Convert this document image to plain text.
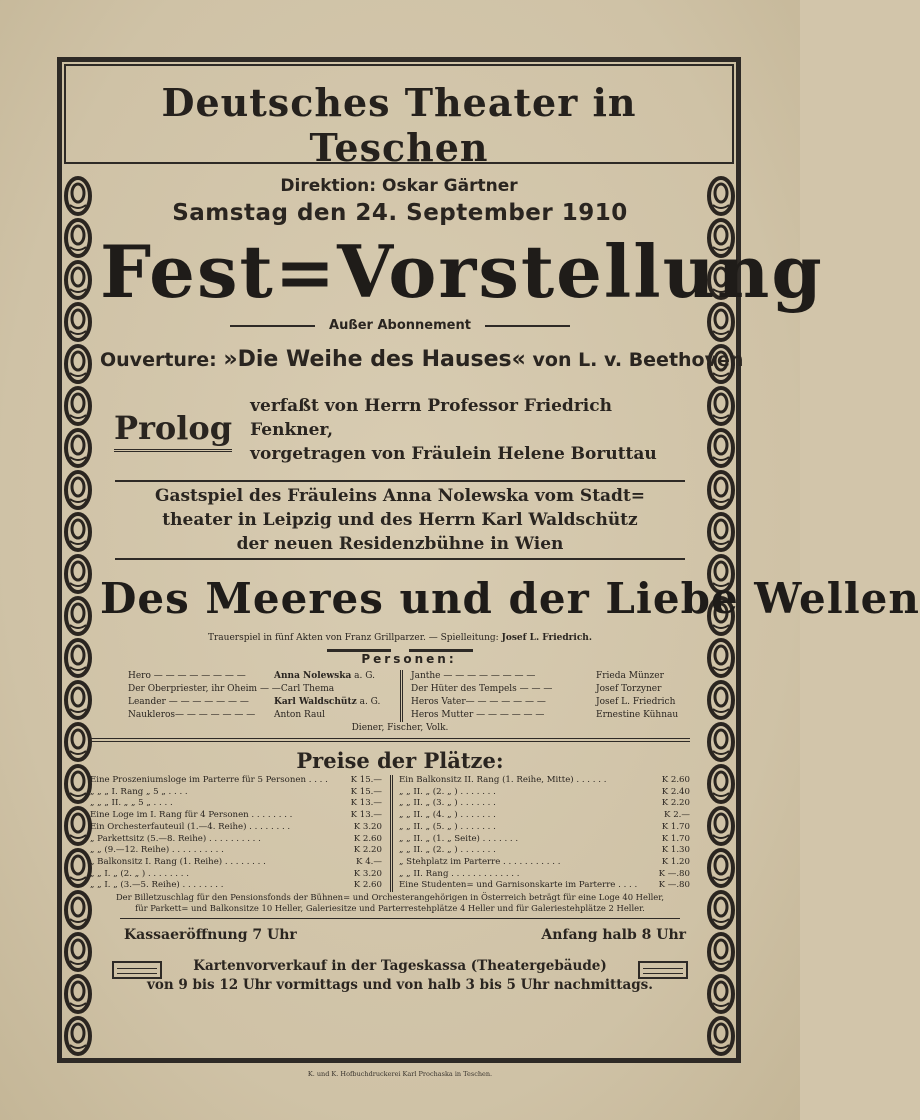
Deutsches Theater in Teschen
Direktion: Oskar Gärtner
Samstag den 24. September 1910
Fest=Vorstellung
Außer Abonnement
Ouverture: »Die Weihe des Hauses« von L. v. Beethoven
Prolog
verfaßt von Herrn Professor Friedrich Fenkner,
vorgetragen von Fräulein Helene Boruttau
Gastspiel des Fräuleins Anna Nolewska vom Stadt=
theater in Leipzig und des Herrn Karl Waldschütz
der neuen Residenzbühne in Wien
Des Meeres und der Liebe Wellen
Trauerspiel in fünf Akten von Franz Grillparzer. — Spielleitung: Josef L. Friedrich.
Personen:
Hero — — — — — — — —	Anna Nolewska a. G.
Der Oberpriester, ihr Oheim — — Carl Thema
Leander — — — — — — —	Karl Waldschütz a. G.
Naukleros— — — — — — — Anton Raul
Janthe — — — — — — — —	Frieda Münzer
Der Hüter des Tempels — — —	Josef Torzyner
Heros Vater— — — — — — —	Josef L. Friedrich
Heros Mutter — — — — — —	Ernestine Kühnau
Diener, Fischer, Volk.
Preise der Plätze:
Eine Proszeniumsloge im Parterre für 5 Personen . . . .	K 15.—
„ „ „ I. Rang „ 5 „ . . . .	K 15.—
„ „ „ II. „ „ 5 „ . . . .	K 13.—
Eine Loge im I. Rang für 4 Personen . . . . . . . .	K 13.—
Ein Orchesterfauteuil (1.—4. Reihe) . . . . . . . .	K 3.20
„ Parkettsitz (5.—8. Reihe) . . . . . . . . . .	K 2.60
„ „ (9.—12. Reihe) . . . . . . . . . .	K 2.20
„ Balkonsitz I. Rang (1. Reihe) . . . . . . . .	K 4.—
„ „ I. „ (2. „ ) . . . . . . . .	K 3.20
„ „ I. „ (3.—5. Reihe) . . . . . . . .	K 2.60
Ein Balkonsitz II. Rang (1. Reihe, Mitte) . . . . . .	K 2.60
„ „ II. „ (2. „ ) . . . . . . .	K 2.40
„ „ II. „ (3. „ ) . . . . . . .	K 2.20
„ „ II. „ (4. „ ) . . . . . . .	K 2.—
„ „ II. „ (5. „ ) . . . . . . .	K 1.70
„ „ II. „ (1. „ Seite) . . . . . . .	K 1.70
„ „ II. „ (2. „ ) . . . . . . .	K 1.30
„ Stehplatz im Parterre . . . . . . . . . . .	K 1.20
„ „ II. Rang . . . . . . . . . . . . .	K —.80
Eine Studenten= und Garnisonskarte im Parterre . . . . K —.80
Der Billetzuschlag für den Pensionsfonds der Bühnen= und Orchesterangehörigen in Österreich beträgt für eine Loge 40 Heller,
für Parkett= und Balkonsitze 10 Heller, Galeriesitze und Parterrestehplätze 4 Heller und für Galeriestehplätze 2 Heller.
Kassaeröffnung 7 Uhr	Anfang halb 8 Uhr
Kartenvorverkauf in der Tageskassa (Theatergebäude)
von 9 bis 12 Uhr vormittags und von halb 3 bis 5 Uhr nachmittags.
K. und K. Hofbuchdruckerei Karl Prochaska in Teschen.
